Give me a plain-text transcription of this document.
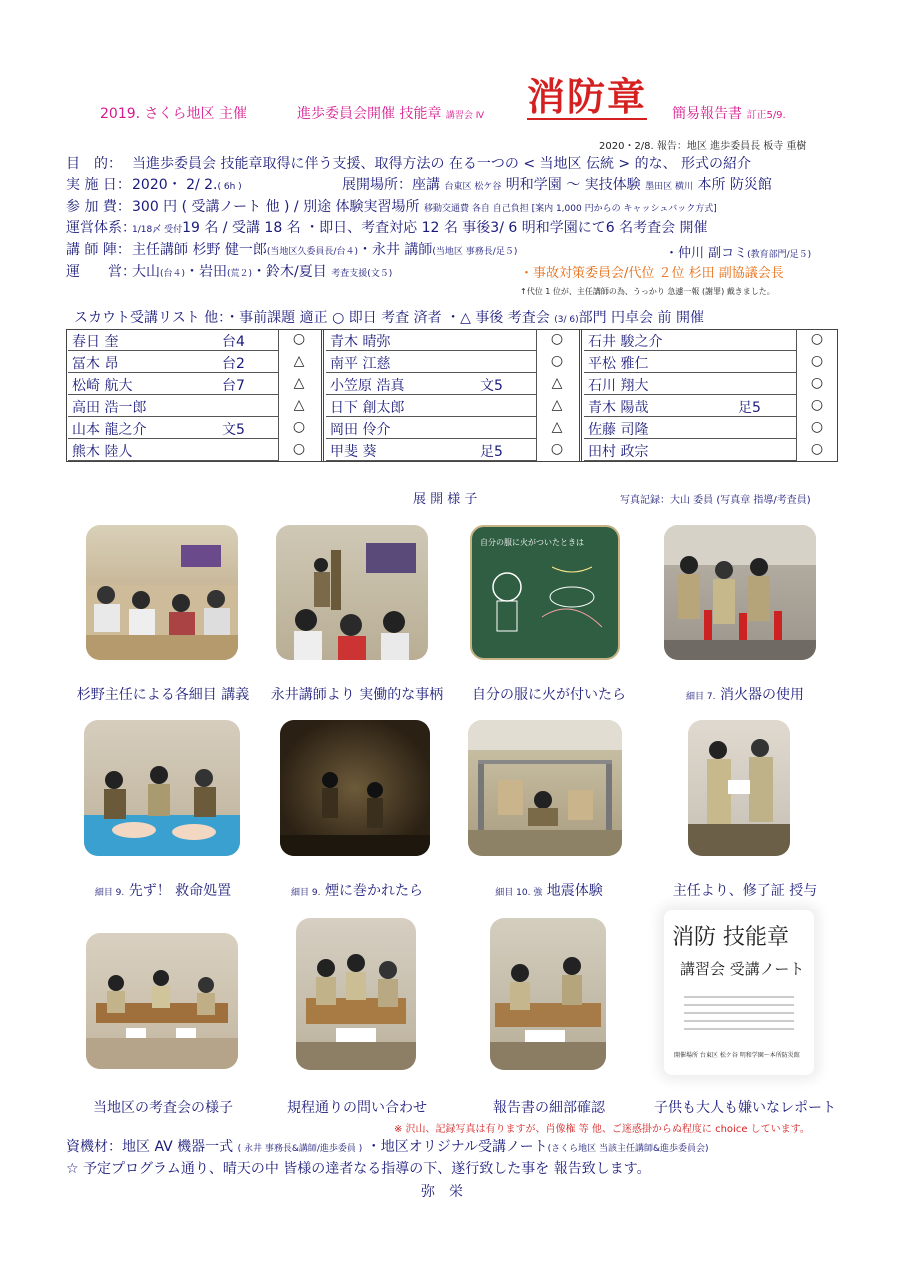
2019. さくら地区 主催	進歩委員会開催 技能章 講習会 Ⅳ 消防章 簡易報告書 訂正5/9.
2020・2/8. 報告：地区 進歩委員長 板寺 重樹
目　的： 当進歩委員会 技能章取得に伴う支援、取得方法の 在る一つの < 当地区 伝統 > 的な、 形式の紹介
実 施 日：2020・ 2/ 2.( 6h )	展開場所：座講 台東区 松ケ谷 明和学園 ～ 実技体験 墨田区 横川 本所 防災館
参 加 費：300 円 ( 受講ノート 他 ) / 別途 体験実習場所 移動交通費 各自 自己負担 [案内 1,000 円からの キャッシュバック方式]
運営体系：1/18〆 受付19 名 / 受講 18 名 ・即日、考査対応 12 名 事後3/ 6 明和学園にて6 名考査会 開催
講 師 陣：主任講師 杉野 健一郎(当地区久委員長/台４)・永井 講師(当地区 事務長/足５)	・仲川 副コミ(教育部門/足５)
運　　営：大山(台４)・岩田(荒２)・鈴木/夏目 考査支援(文５)	・事故対策委員会/代位 ２位 杉田 副協議会長
↑代位 1 位が、主任講師の為、うっかり 急遽一報 (謝罪) 戴きました。
スカウト受講リスト 他：・事前課題 適正 ○ 即日 考査 済者 ・△ 事後 考査会 (3/ 6)部門 円卓会 前 開催
春日 奎	台4	○
冨木 昂	台2	△
松崎 航大	台7	△
高田 浩一郎	△
山本 龍之介	文5	○
熊木 陸人	○
青木 晴弥	○
南平 江慈	○
小笠原 浩真	文5	△
日下 創太郎	△
岡田 伶介	△
甲斐 葵	足5	○
石井 駿之介	○
平松 雅仁	○
石川 翔大	○
青木 陽哉	足5	○
佐藤 司隆	○
田村 政宗	○
展 開 様 子	写真記録：大山 委員 (写真章 指導/考査員)
自分の服に火がついたときは
杉野主任による各細目 講義	永井講師より 実働的な事柄	自分の服に火が付いたら	細目 7. 消火器の使用
細目 9. 先ず！ 救命処置	細目 9. 煙に巻かれたら	細目 10. 強 地震体験	主任より、修了証 授与
消防 技能章
講習会 受講ノート
開催場所 台東区 松ケ谷 明和学園～本所防災館
当地区の考査会の様子	規程通りの問い合わせ	報告書の細部確認	子供も大人も嫌いなレポート
※ 沢山、記録写真は有りますが、肖像権 等 他、ご迷惑掛からぬ程度に choice しています。
資機材：地区 AV 機器一式 ( 永井 事務長&講師/進歩委員 ) ・地区オリジナル受講ノート(さくら地区 当該主任講師&進歩委員会)
☆ 予定プログラム通り、晴天の中 皆様の達者なる指導の下、遂行致した事を 報告致します。
弥　栄
